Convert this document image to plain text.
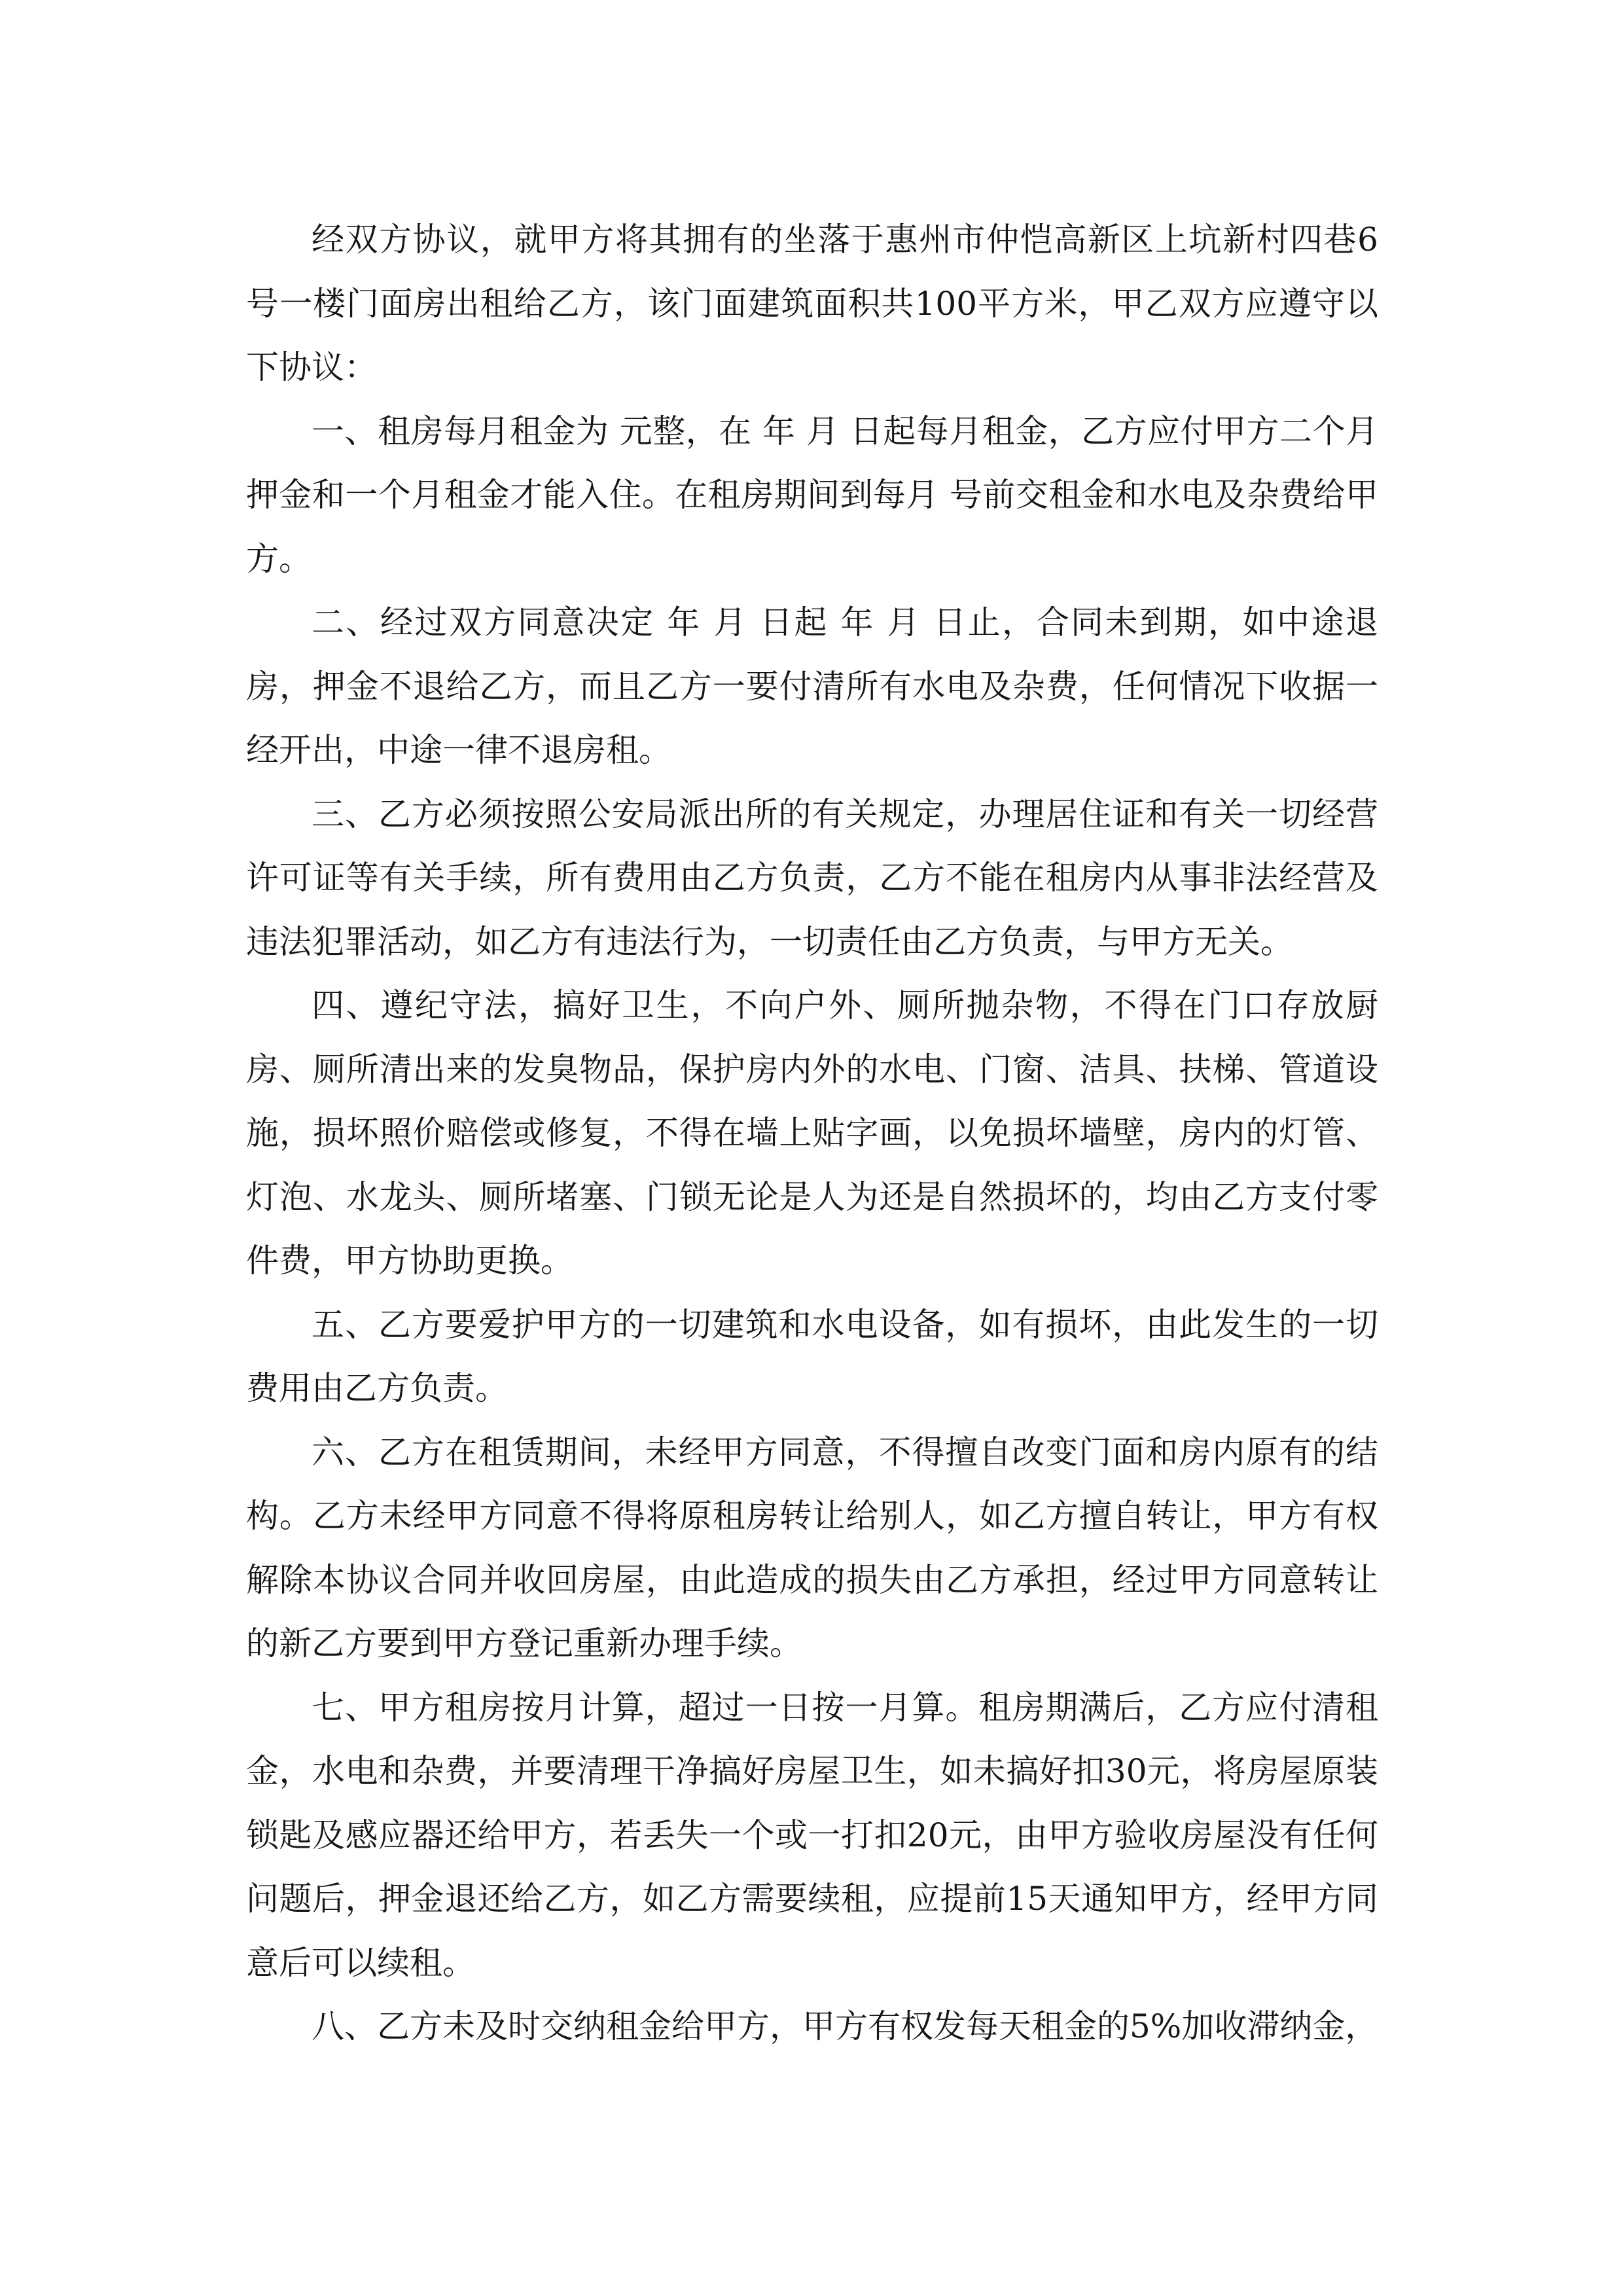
经双方协议，就甲方将其拥有的坐落于惠州市仲恺高新区上坑新村四巷6号一楼门面房出租给乙方，该门面建筑面积共100平方米，甲乙双方应遵守以下协议：

一、租房每月租金为 元整，在 年 月 日起每月租金，乙方应付甲方二个月押金和一个月租金才能入住。在租房期间到每月 号前交租金和水电及杂费给甲方。

二、经过双方同意决定 年 月 日起 年 月 日止，合同未到期，如中途退房，押金不退给乙方，而且乙方一要付清所有水电及杂费，任何情况下收据一经开出，中途一律不退房租。

三、乙方必须按照公安局派出所的有关规定，办理居住证和有关一切经营许可证等有关手续，所有费用由乙方负责，乙方不能在租房内从事非法经营及违法犯罪活动，如乙方有违法行为，一切责任由乙方负责，与甲方无关。

四、遵纪守法，搞好卫生，不向户外、厕所抛杂物，不得在门口存放厨房、厕所清出来的发臭物品，保护房内外的水电、门窗、洁具、扶梯、管道设施，损坏照价赔偿或修复，不得在墙上贴字画，以免损坏墙壁，房内的灯管、灯泡、水龙头、厕所堵塞、门锁无论是人为还是自然损坏的，均由乙方支付零件费，甲方协助更换。

五、乙方要爱护甲方的一切建筑和水电设备，如有损坏，由此发生的一切费用由乙方负责。

六、乙方在租赁期间，未经甲方同意，不得擅自改变门面和房内原有的结构。乙方未经甲方同意不得将原租房转让给别人，如乙方擅自转让，甲方有权解除本协议合同并收回房屋，由此造成的损失由乙方承担，经过甲方同意转让的新乙方要到甲方登记重新办理手续。

七、甲方租房按月计算，超过一日按一月算。租房期满后，乙方应付清租金，水电和杂费，并要清理干净搞好房屋卫生，如未搞好扣30元，将房屋原装锁匙及感应器还给甲方，若丢失一个或一打扣20元，由甲方验收房屋没有任何问题后，押金退还给乙方，如乙方需要续租，应提前15天通知甲方，经甲方同意后可以续租。

八、乙方未及时交纳租金给甲方，甲方有权发每天租金的5%加收滞纳金，
